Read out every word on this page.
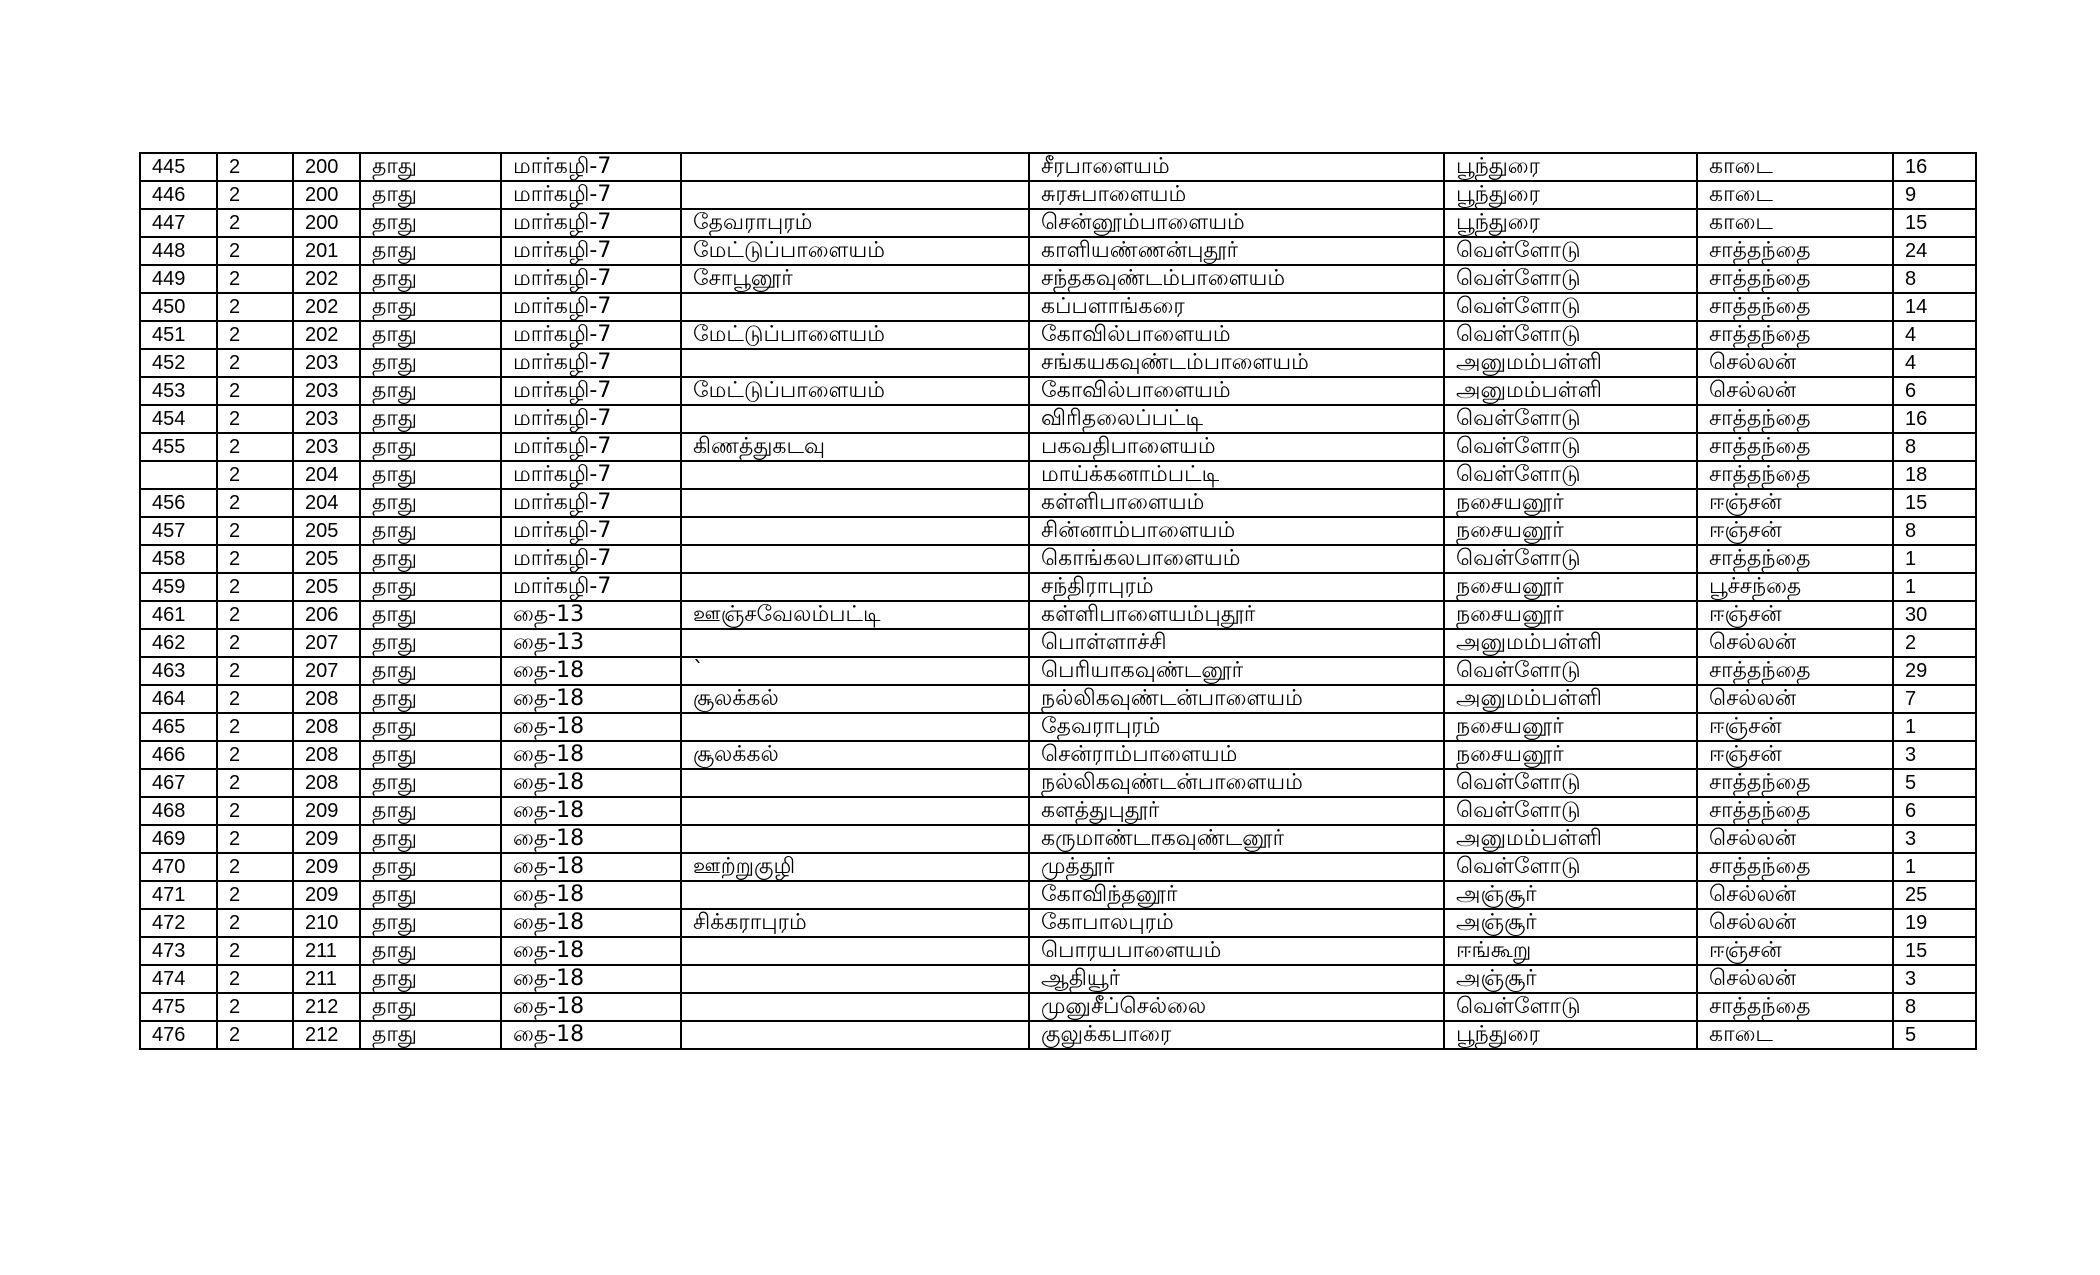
445	2	200	தாது	மார்கழி-7		சீரபாளையம்	பூந்துரை	காடை	16
446	2	200	தாது	மார்கழி-7		சுரசுபாளையம்	பூந்துரை	காடை	9
447	2	200	தாது	மார்கழி-7	தேவராபுரம்	சென்னூம்பாளையம்	பூந்துரை	காடை	15
448	2	201	தாது	மார்கழி-7	மேட்டுப்பாளையம்	காளியண்ணன்புதூர்	வெள்ளோடு	சாத்தந்தை	24
449	2	202	தாது	மார்கழி-7	சோபூனூர்	சந்தகவுண்டம்பாளையம்	வெள்ளோடு	சாத்தந்தை	8
450	2	202	தாது	மார்கழி-7		கப்பளாங்கரை	வெள்ளோடு	சாத்தந்தை	14
451	2	202	தாது	மார்கழி-7	மேட்டுப்பாளையம்	கோவில்பாளையம்	வெள்ளோடு	சாத்தந்தை	4
452	2	203	தாது	மார்கழி-7		சங்கயகவுண்டம்பாளையம்	அனுமம்பள்ளி	செல்லன்	4
453	2	203	தாது	மார்கழி-7	மேட்டுப்பாளையம்	கோவில்பாளையம்	அனுமம்பள்ளி	செல்லன்	6
454	2	203	தாது	மார்கழி-7		விரிதலைப்பட்டி	வெள்ளோடு	சாத்தந்தை	16
455	2	203	தாது	மார்கழி-7	கிணத்துகடவு	பகவதிபாளையம்	வெள்ளோடு	சாத்தந்தை	8
	2	204	தாது	மார்கழி-7		மாய்க்கனாம்பட்டி	வெள்ளோடு	சாத்தந்தை	18
456	2	204	தாது	மார்கழி-7		கள்ளிபாளையம்	நசையனூர்	ஈஞ்சன்	15
457	2	205	தாது	மார்கழி-7		சின்னாம்பாளையம்	நசையனூர்	ஈஞ்சன்	8
458	2	205	தாது	மார்கழி-7		கொங்கலபாளையம்	வெள்ளோடு	சாத்தந்தை	1
459	2	205	தாது	மார்கழி-7		சந்திராபுரம்	நசையனூர்	பூச்சந்தை	1
461	2	206	தாது	தை-13	ஊஞ்சவேலம்பட்டி	கள்ளிபாளையம்புதூர்	நசையனூர்	ஈஞ்சன்	30
462	2	207	தாது	தை-13		பொள்ளாச்சி	அனுமம்பள்ளி	செல்லன்	2
463	2	207	தாது	தை-18	`	பெரியாகவுண்டனூர்	வெள்ளோடு	சாத்தந்தை	29
464	2	208	தாது	தை-18	சூலக்கல்	நல்லிகவுண்டன்பாளையம்	அனுமம்பள்ளி	செல்லன்	7
465	2	208	தாது	தை-18		தேவராபுரம்	நசையனூர்	ஈஞ்சன்	1
466	2	208	தாது	தை-18	சூலக்கல்	சென்ராம்பாளையம்	நசையனூர்	ஈஞ்சன்	3
467	2	208	தாது	தை-18		நல்லிகவுண்டன்பாளையம்	வெள்ளோடு	சாத்தந்தை	5
468	2	209	தாது	தை-18		களத்துபுதூர்	வெள்ளோடு	சாத்தந்தை	6
469	2	209	தாது	தை-18		கருமாண்டாகவுண்டனூர்	அனுமம்பள்ளி	செல்லன்	3
470	2	209	தாது	தை-18	ஊற்றுகுழி	முத்தூர்	வெள்ளோடு	சாத்தந்தை	1
471	2	209	தாது	தை-18		கோவிந்தனூர்	அஞ்சூர்	செல்லன்	25
472	2	210	தாது	தை-18	சிக்கராபுரம்	கோபாலபுரம்	அஞ்சூர்	செல்லன்	19
473	2	211	தாது	தை-18		பொரயபாளையம்	ஈங்கூறு	ஈஞ்சன்	15
474	2	211	தாது	தை-18		ஆதியூர்	அஞ்சூர்	செல்லன்	3
475	2	212	தாது	தை-18		முனுசீப்செல்லை	வெள்ளோடு	சாத்தந்தை	8
476	2	212	தாது	தை-18		குலுக்கபாரை	பூந்துரை	காடை	5
